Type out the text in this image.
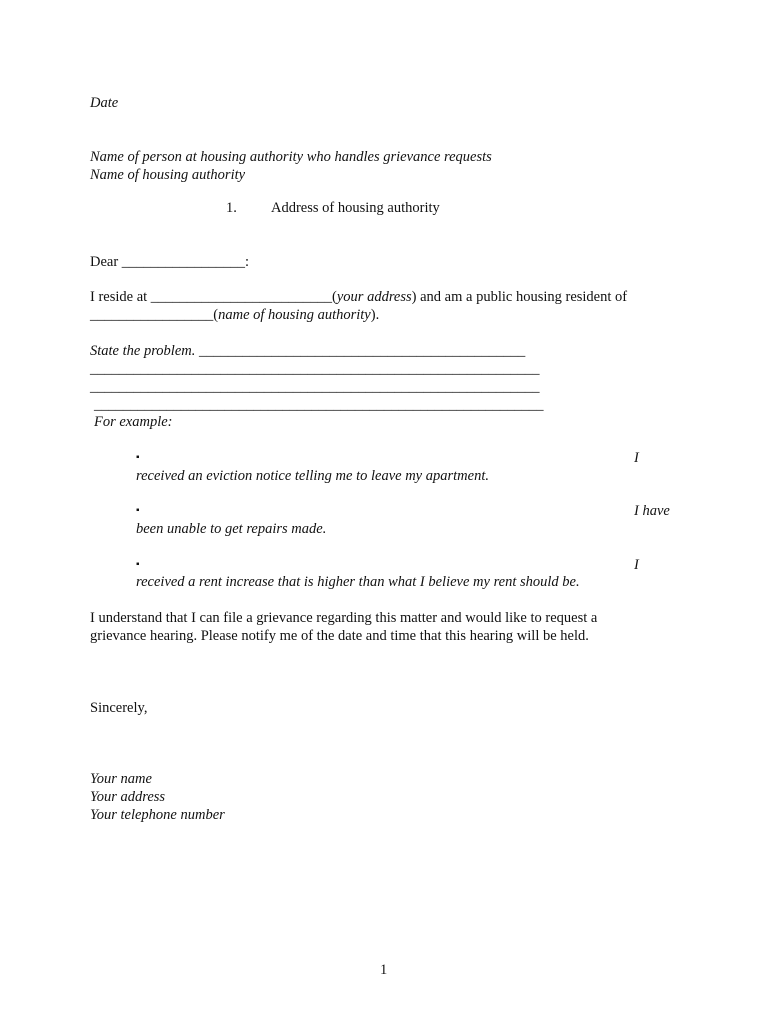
Date
Name of person at housing authority who handles grievance requests
Name of housing authority
1. Address of housing authority
Dear _________________:
I reside at _________________________(your address) and am a public housing resident of
_________________(name of housing authority).
State the problem. _____________________________________________
______________________________________________________________
______________________________________________________________
______________________________________________________________
For example:
▪	I
received an eviction notice telling me to leave my apartment.
▪	I have
been unable to get repairs made.
▪	I
received a rent increase that is higher than what I believe my rent should be.
I understand that I can file a grievance regarding this matter and would like to request a
grievance hearing. Please notify me of the date and time that this hearing will be held.
Sincerely,
Your name
Your address
Your telephone number
1
